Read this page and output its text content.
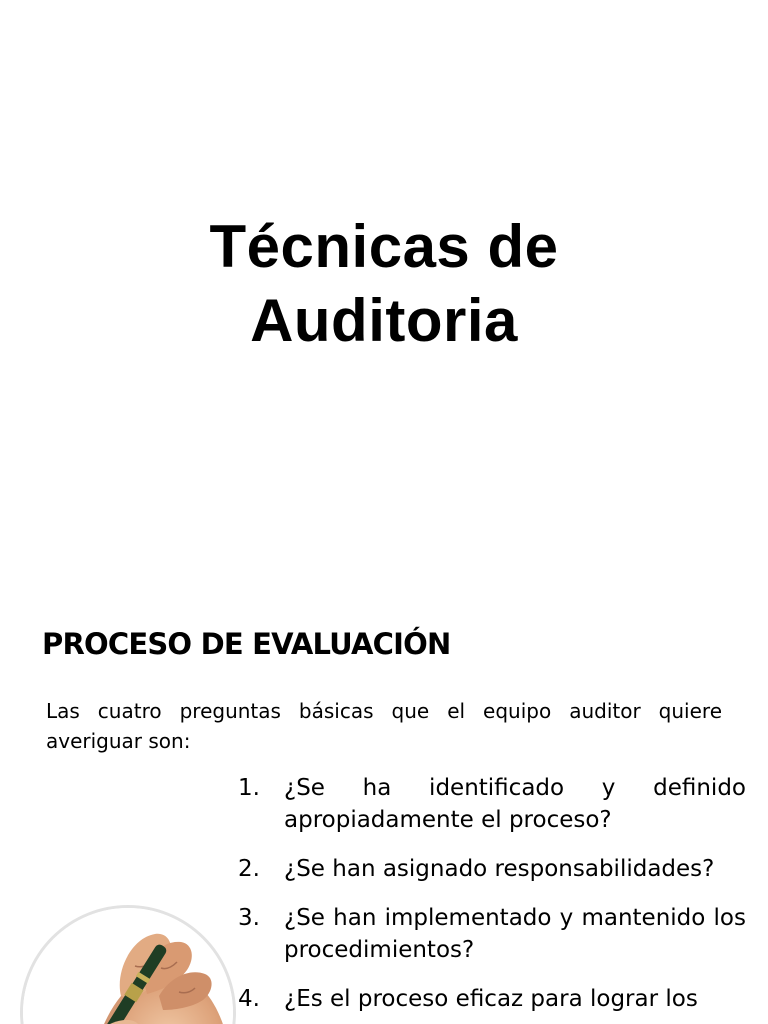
Técnicas de
Auditoria
PROCESO DE EVALUACIÓN

Las cuatro preguntas básicas que el equipo auditor quiere averiguar son:

1. ¿Se ha identificado y definido apropiadamente el proceso?
2. ¿Se han asignado responsabilidades?
3. ¿Se han implementado y mantenido los procedimientos?
4. ¿Es el proceso eficaz para lograr los
